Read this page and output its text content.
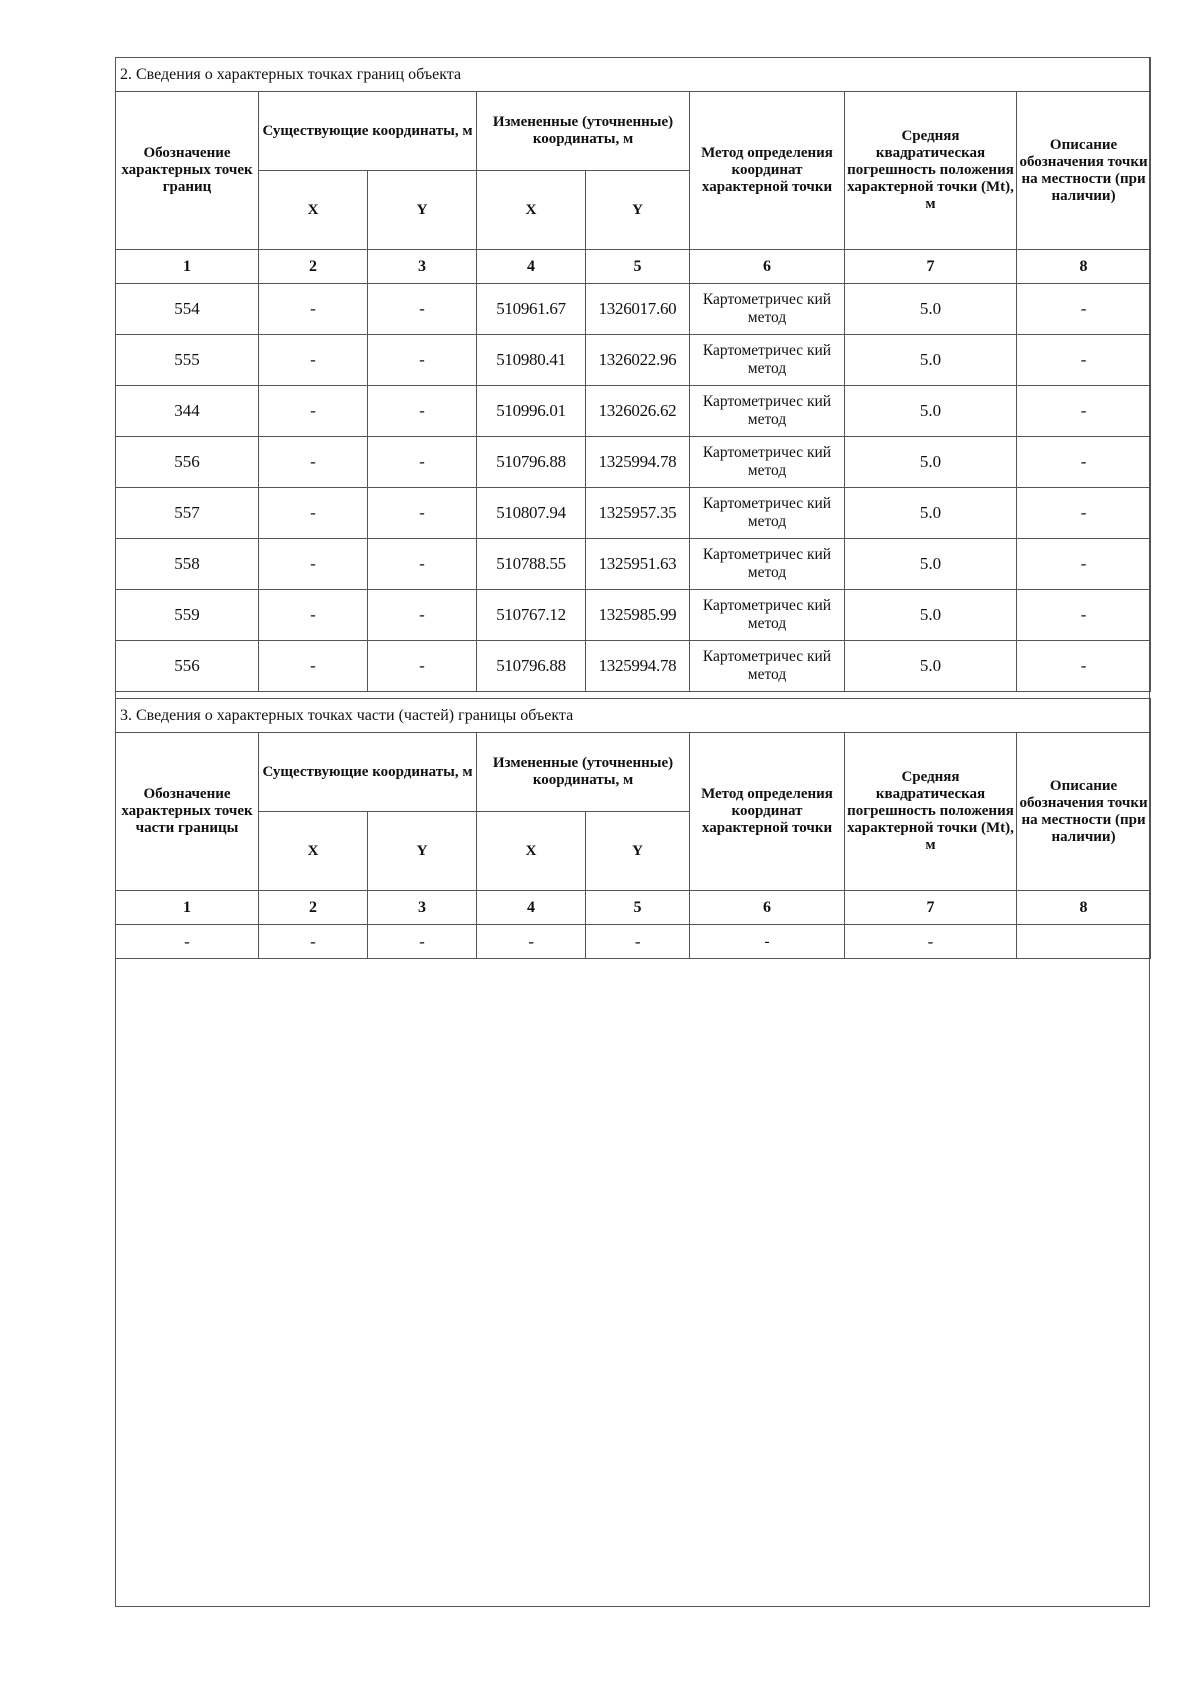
2. Сведения о характерных точках границ объекта							
Обозначение характерных точек границ	Существующие координаты, м		Измененные (уточненные) координаты, м		Метод определения координат характерной точки	Средняя квадратическая погрешность положения характерной точки (Mt), м	Описание обозначения точки на местности (при наличии)
	X	Y	X	Y			
1	2	3	4	5	6	7	8
554	-	-	510961.67	1326017.60	Картометричес кий метод	5.0	-
555	-	-	510980.41	1326022.96	Картометричес кий метод	5.0	-
344	-	-	510996.01	1326026.62	Картометричес кий метод	5.0	-
556	-	-	510796.88	1325994.78	Картометричес кий метод	5.0	-
557	-	-	510807.94	1325957.35	Картометричес кий метод	5.0	-
558	-	-	510788.55	1325951.63	Картометричес кий метод	5.0	-
559	-	-	510767.12	1325985.99	Картометричес кий метод	5.0	-
556	-	-	510796.88	1325994.78	Картометричес кий метод	5.0	-
3. Сведения о характерных точках части (частей) границы объекта							
Обозначение характерных точек части границы	Существующие координаты, м		Измененные (уточненные) координаты, м		Метод определения координат характерной точки	Средняя квадратическая погрешность положения характерной точки (Mt), м	Описание обозначения точки на местности (при наличии)
	X	Y	X	Y			
1	2	3	4	5	6	7	8
-	-	-	-	-	-	-	
